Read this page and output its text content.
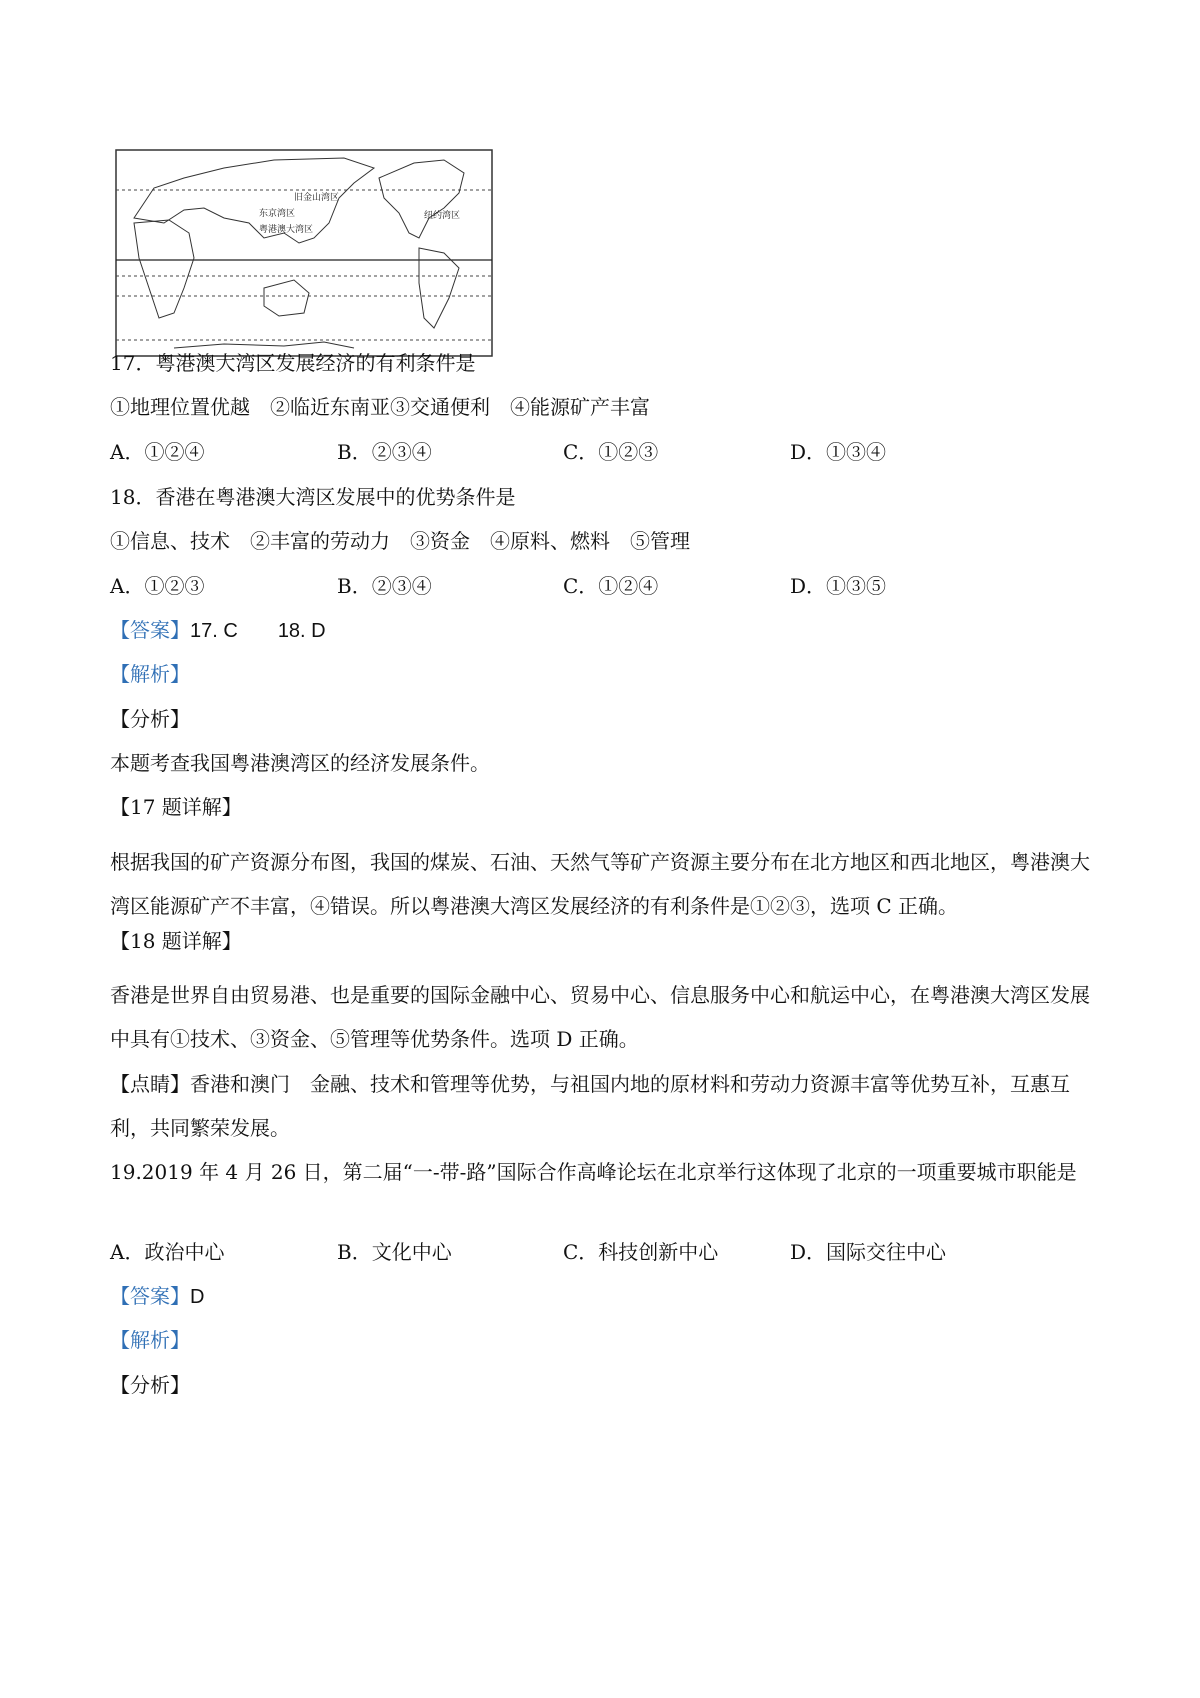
旧金山湾区
东京湾区	纽约湾区
粤港澳大湾区
17．粤港澳大湾区发展经济的有利条件是
①地理位置优越　②临近东南亚③交通便利　④能源矿产丰富
A．①②④	B．②③④	C．①②③	D．①③④
18．香港在粤港澳大湾区发展中的优势条件是
①信息、技术　②丰富的劳动力　③资金　④原料、燃料　⑤管理
A．①②③	B．②③④	C．①②④	D．①③⑤
【答案】17. C 18. D
【解析】
【分析】
本题考查我国粤港澳湾区的经济发展条件。
【17 题详解】
根据我国的矿产资源分布图，我国的煤炭、石油、天然气等矿产资源主要分布在北方地区和西北地区，粤港澳大湾区能源矿产不丰富，④错误。所以粤港澳大湾区发展经济的有利条件是①②③，选项 C 正确。
【18 题详解】
香港是世界自由贸易港、也是重要的国际金融中心、贸易中心、信息服务中心和航运中心，在粤港澳大湾区发展中具有①技术、③资金、⑤管理等优势条件。选项 D 正确。
【点睛】香港和澳门　金融、技术和管理等优势，与祖国内地的原材料和劳动力资源丰富等优势互补，互惠互利，共同繁荣发展。
19.2019 年 4 月 26 日，第二届“一-带-路”国际合作高峰论坛在北京举行这体现了北京的一项重要城市职能是
A．政治中心	B．文化中心	C．科技创新中心	D．国际交往中心
【答案】D
【解析】
【分析】
